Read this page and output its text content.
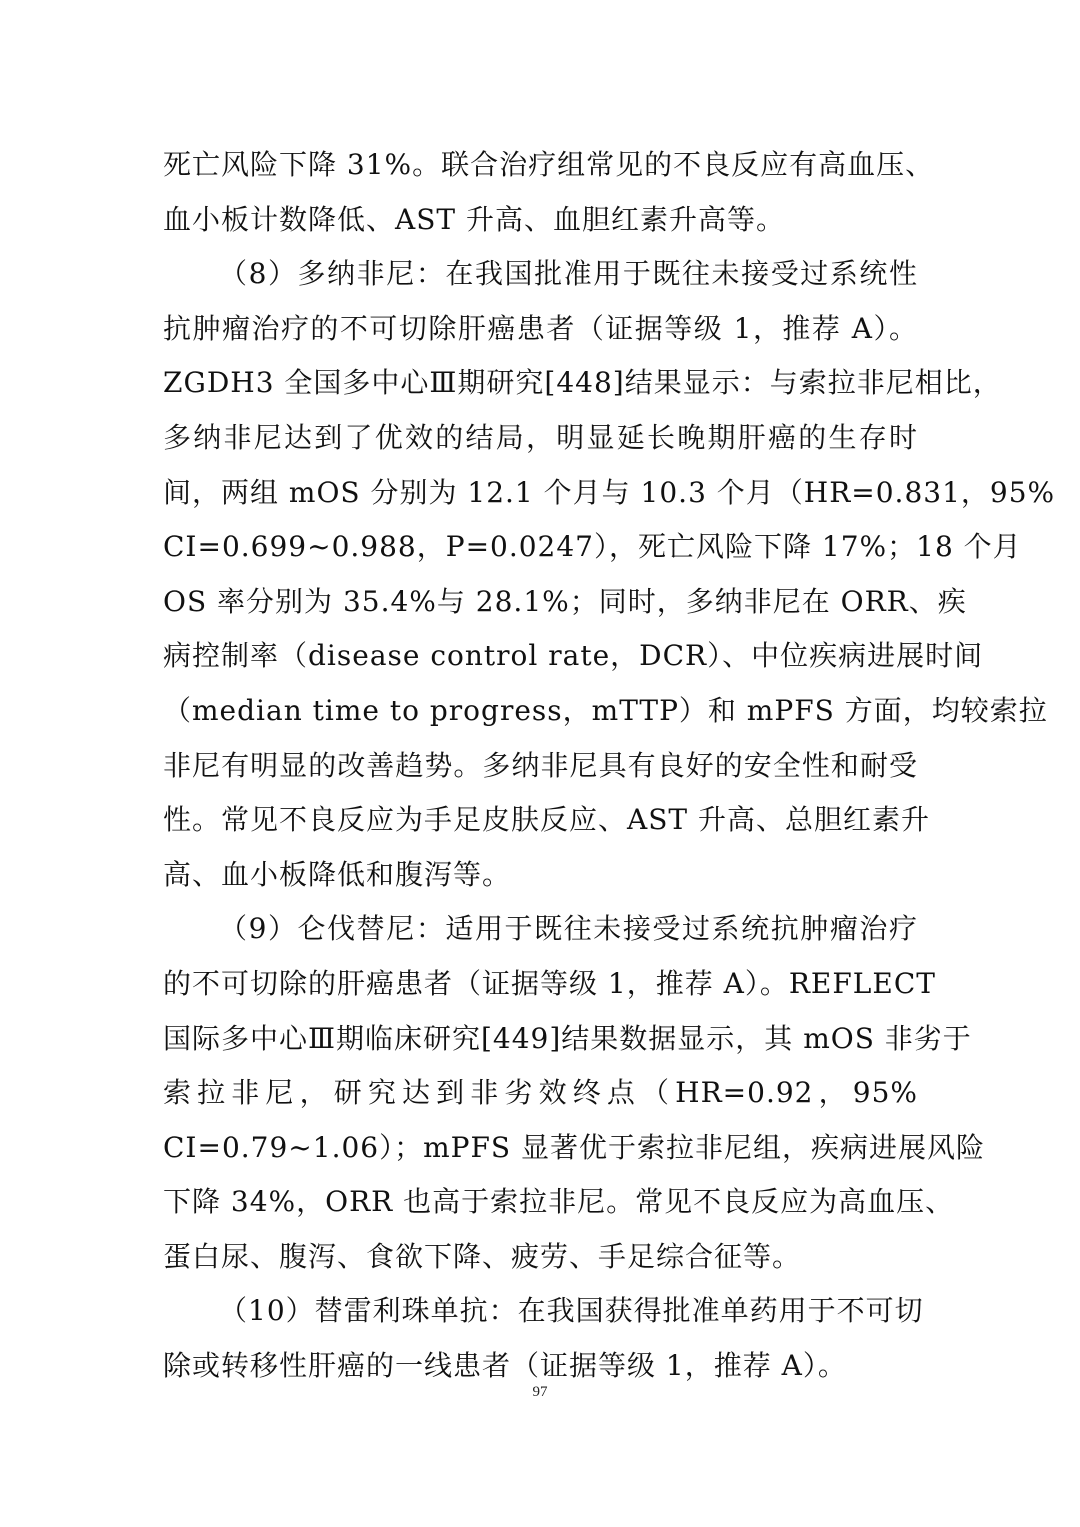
死亡风险下降 31%。联合治疗组常见的不良反应有高血压、
血小板计数降低、AST 升高、血胆红素升高等。
（8）多纳非尼：在我国批准用于既往未接受过系统性
抗肿瘤治疗的不可切除肝癌患者（证据等级 1，推荐 A）。
ZGDH3 全国多中心Ⅲ期研究[448]结果显示：与索拉非尼相比，
多纳非尼达到了优效的结局，明显延长晚期肝癌的生存时
间，两组 mOS 分别为 12.1 个月与 10.3 个月（HR=0.831，95%
CI=0.699~0.988，P=0.0247），死亡风险下降 17%；18 个月
OS 率分别为 35.4%与 28.1%；同时，多纳非尼在 ORR、疾
病控制率（disease control rate，DCR）、中位疾病进展时间
（median time to progress，mTTP）和 mPFS 方面，均较索拉
非尼有明显的改善趋势。多纳非尼具有良好的安全性和耐受
性。常见不良反应为手足皮肤反应、AST 升高、总胆红素升
高、血小板降低和腹泻等。
（9）仑伐替尼：适用于既往未接受过系统抗肿瘤治疗
的不可切除的肝癌患者（证据等级 1，推荐 A）。REFLECT
国际多中心Ⅲ期临床研究[449]结果数据显示，其 mOS 非劣于
索拉非尼，研究达到非劣效终点（HR=0.92，95%
CI=0.79~1.06）；mPFS 显著优于索拉非尼组，疾病进展风险
下降 34%，ORR 也高于索拉非尼。常见不良反应为高血压、
蛋白尿、腹泻、食欲下降、疲劳、手足综合征等。
（10）替雷利珠单抗：在我国获得批准单药用于不可切
除或转移性肝癌的一线患者（证据等级 1，推荐 A）。
97
